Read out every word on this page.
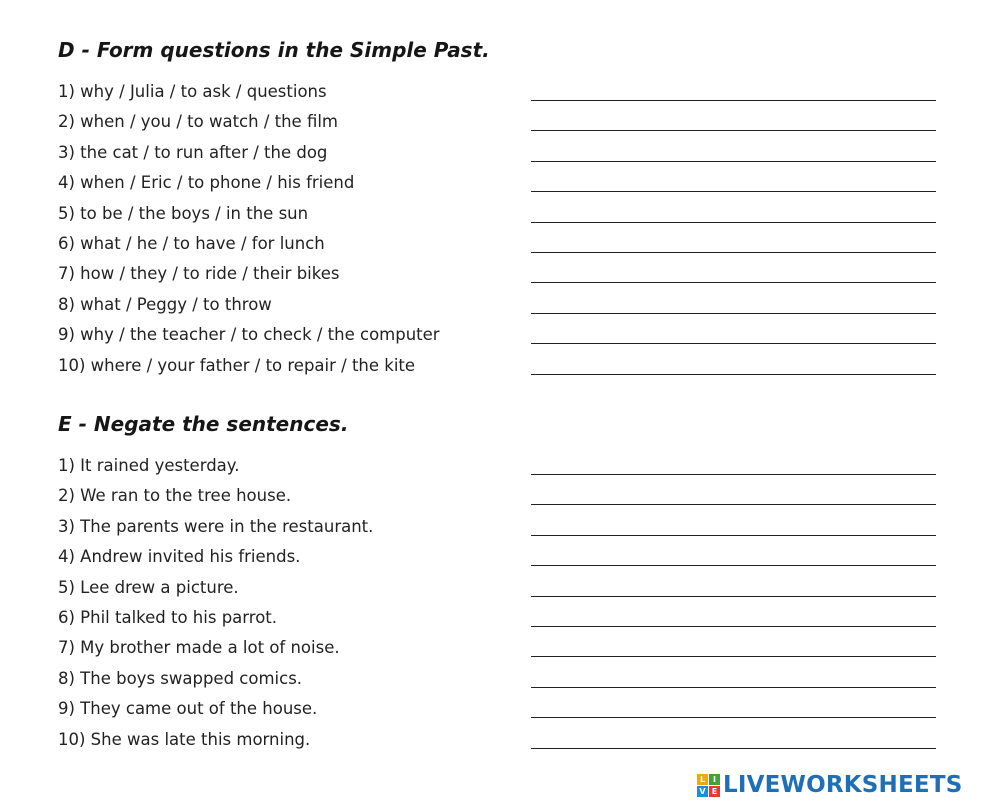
D - Form questions in the Simple Past.
1) why / Julia / to ask / questions
2) when / you / to watch / the film
3) the cat / to run after / the dog
4) when / Eric / to phone / his friend
5) to be / the boys / in the sun
6) what / he / to have / for lunch
7) how / they / to ride / their bikes
8) what / Peggy / to throw
9) why / the teacher / to check / the computer
10) where / your father / to repair / the kite
E - Negate the sentences.
1) It rained yesterday.
2) We ran to the tree house.
3) The parents were in the restaurant.
4) Andrew invited his friends.
5) Lee drew a picture.
6) Phil talked to his parrot.
7) My brother made a lot of noise.
8) The boys swapped comics.
9) They came out of the house.
10) She was late this morning.
L I
V E LIVEWORKSHEETS
